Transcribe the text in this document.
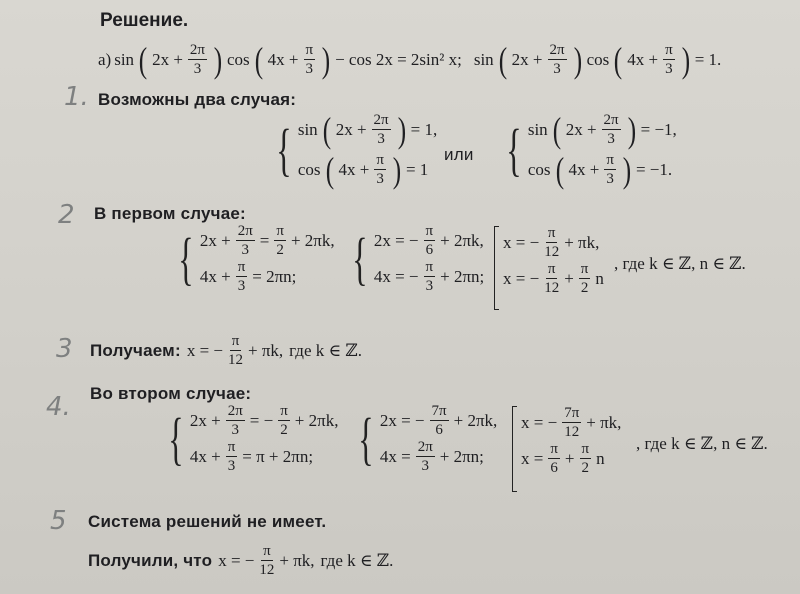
Решение.
а) sin ( $2x + \frac{2\pi}{3}$ ) cos ( $4x + \frac{\pi}{3}$ ) − cos 2x = 2sin² x; sin ( $2x + \frac{2\pi}{3}$ ) cos ( $4x + \frac{\pi}{3}$ ) = 1.
1.
2
3
4.
5
Возможны два случая:
{ sin ( $2x + \frac{2\pi}{3}$ ) = 1,
cos ( $4x + \frac{\pi}{3}$ ) = 1
или { sin ( $2x + \frac{2\pi}{3}$ ) = −1,
cos ( $4x + \frac{\pi}{3}$ ) = −1.
В первом случае:
{ $2x + \frac{2\pi}{3} = \frac{\pi}{2} + 2\pi k$,
$4x + \frac{\pi}{3} = 2\pi n$; { 2x = − $\frac{\pi}{6} + 2\pi k$,
4x = − $\frac{\pi}{3} + 2\pi n$;
x = − $\frac{\pi}{12} + \pi k$,
x = − $\frac{\pi}{12} + \frac{\pi}{2}$ n
, где k ∈ ℤ, n ∈ ℤ.
Получаем: x = − $\frac{\pi}{12} + \pi k$, где k ∈ ℤ.
Во втором случае:
{ $2x + \frac{2\pi}{3}$ = − $\frac{\pi}{2} + 2\pi k$,
$4x + \frac{\pi}{3} = \pi + 2\pi n$; { 2x = − $\frac{7\pi}{6} + 2\pi k$,
$4x = \frac{2\pi}{3} + 2\pi n$;
x = − $\frac{7\pi}{12} + \pi k$,
$x = \frac{\pi}{6} + \frac{\pi}{2}$ n
, где k ∈ ℤ, n ∈ ℤ.
Система решений не имеет.
Получили, что x = − $\frac{\pi}{12} + \pi k$, где k ∈ ℤ.
